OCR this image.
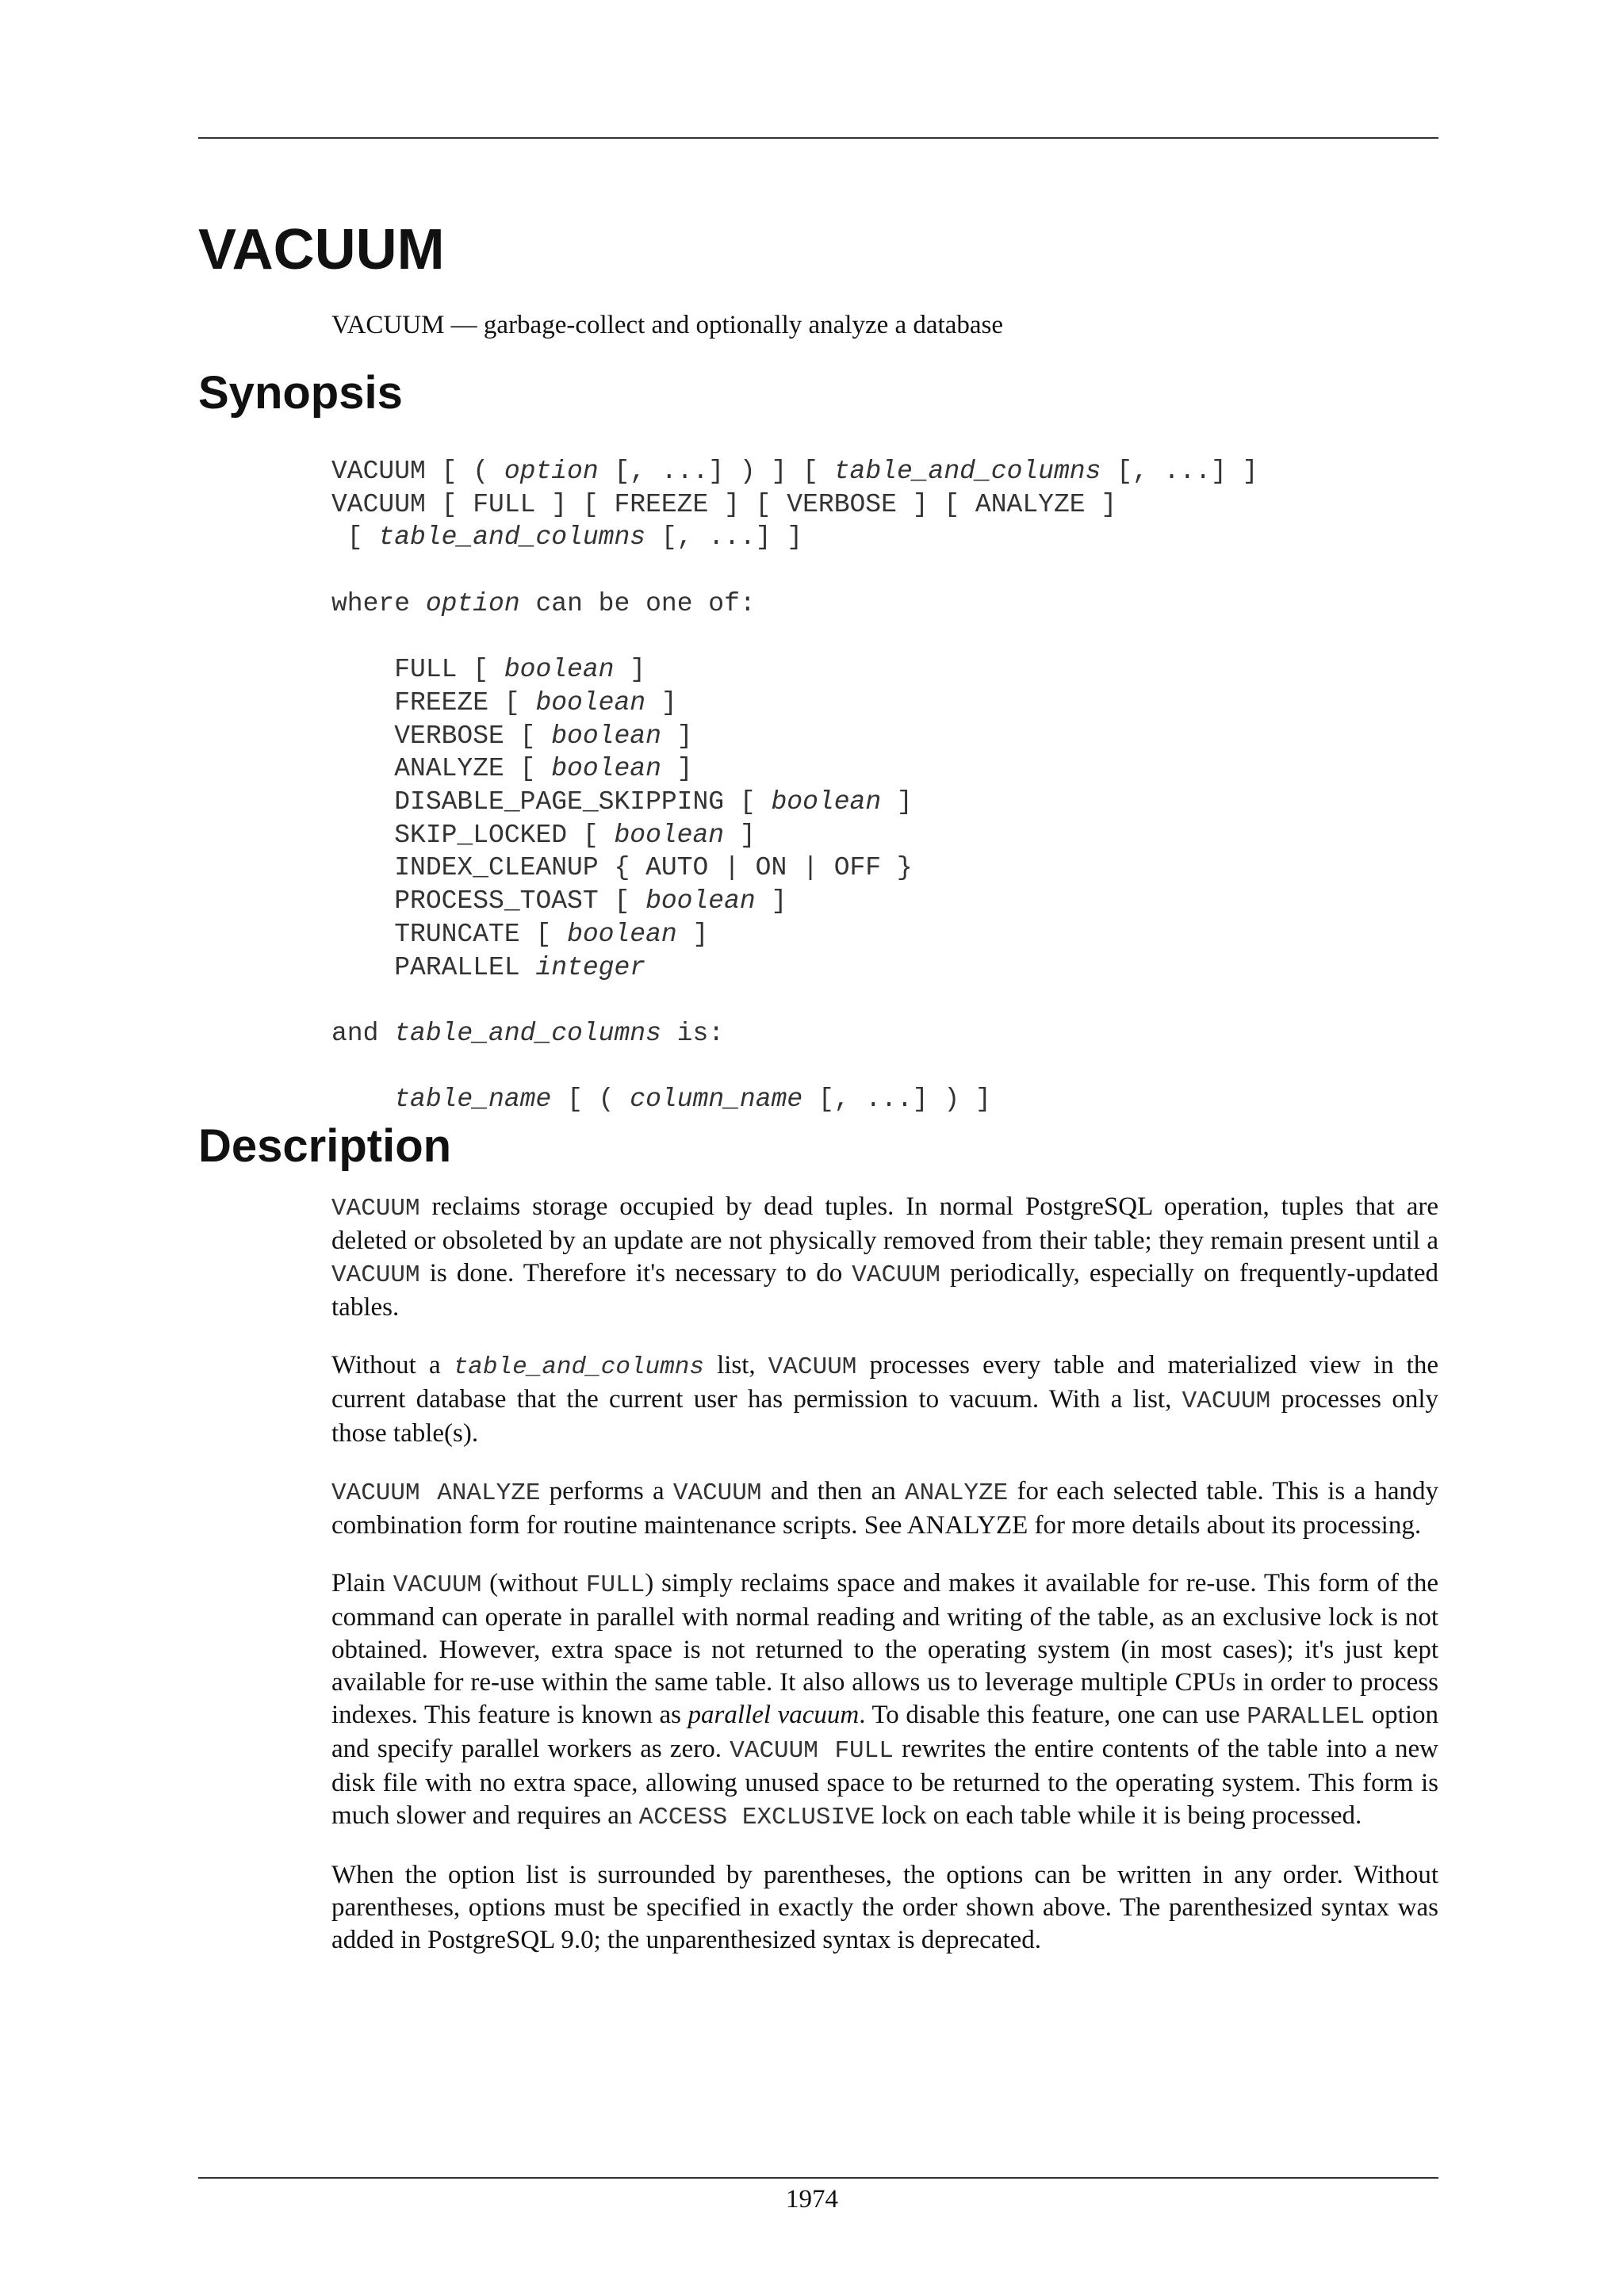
VACUUM
VACUUM — garbage-collect and optionally analyze a database
Synopsis
VACUUM [ ( option [, ...] ) ] [ table_and_columns [, ...] ]
VACUUM [ FULL ] [ FREEZE ] [ VERBOSE ] [ ANALYZE ]
[ table_and_columns [, ...] ]

where option can be one of:

FULL [ boolean ]
FREEZE [ boolean ]
VERBOSE [ boolean ]
ANALYZE [ boolean ]
DISABLE_PAGE_SKIPPING [ boolean ]
SKIP_LOCKED [ boolean ]
INDEX_CLEANUP { AUTO | ON | OFF }
PROCESS_TOAST [ boolean ]
TRUNCATE [ boolean ]
PARALLEL integer

and table_and_columns is:

table_name [ ( column_name [, ...] ) ]
Description

VACUUM reclaims storage occupied by dead tuples. In normal PostgreSQL operation, tuples that are deleted or obsoleted by an update are not physically removed from their table; they remain present until a VACUUM is done. Therefore it's necessary to do VACUUM periodically, especially on frequently-updated tables.

Without a table_and_columns list, VACUUM processes every table and materialized view in the current database that the current user has permission to vacuum. With a list, VACUUM processes only those table(s).

VACUUM ANALYZE performs a VACUUM and then an ANALYZE for each selected table. This is a handy combination form for routine maintenance scripts. See ANALYZE for more details about its processing.

Plain VACUUM (without FULL) simply reclaims space and makes it available for re-use. This form of the command can operate in parallel with normal reading and writing of the table, as an exclusive lock is not obtained. However, extra space is not returned to the operating system (in most cases); it's just kept available for re-use within the same table. It also allows us to leverage multiple CPUs in order to process indexes. This feature is known as parallel vacuum. To disable this feature, one can use PARALLEL option and specify parallel workers as zero. VACUUM FULL rewrites the entire contents of the table into a new disk file with no extra space, allowing unused space to be returned to the operating system. This form is much slower and requires an ACCESS EXCLUSIVE lock on each table while it is being processed.

When the option list is surrounded by parentheses, the options can be written in any order. Without parentheses, options must be specified in exactly the order shown above. The parenthesized syntax was added in PostgreSQL 9.0; the unparenthesized syntax is deprecated.

1974
